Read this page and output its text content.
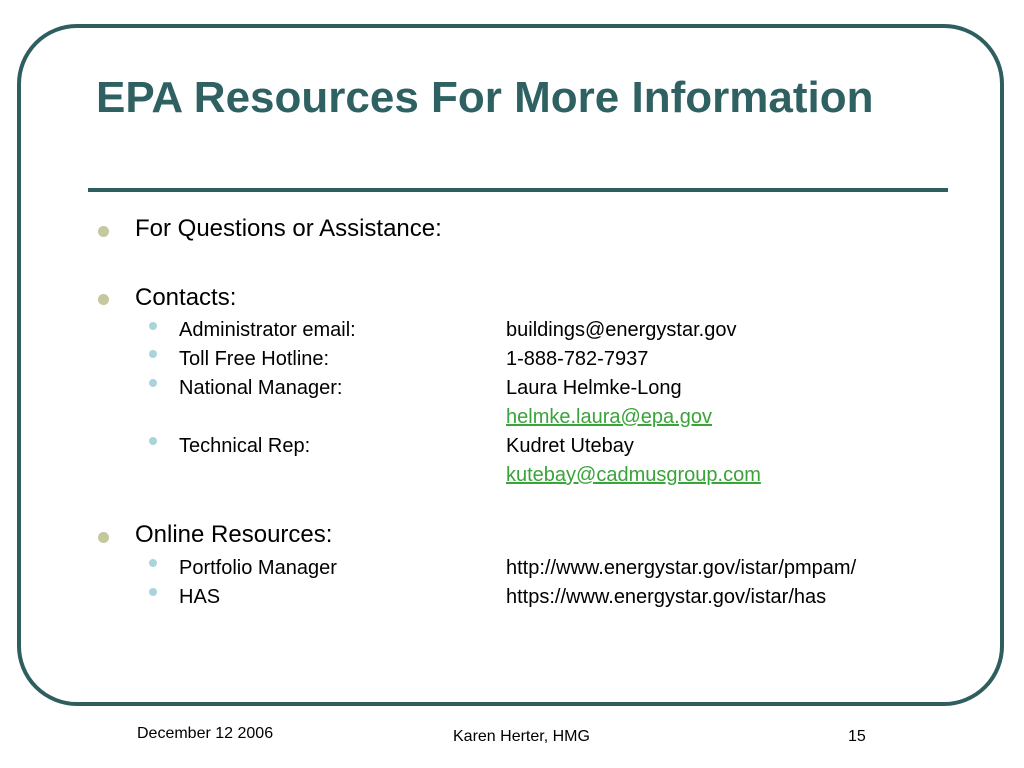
EPA Resources For More Information
For Questions or Assistance:
Contacts:
Administrator email:	buildings@energystar.gov
Toll Free Hotline:	1-888-782-7937
National Manager:	Laura Helmke-Long
helmke.laura@epa.gov
Technical Rep:	Kudret Utebay
kutebay@cadmusgroup.com
Online Resources:
Portfolio Manager	http://www.energystar.gov/istar/pmpam/
HAS	https://www.energystar.gov/istar/has
December 12 2006	Karen Herter, HMG	15
